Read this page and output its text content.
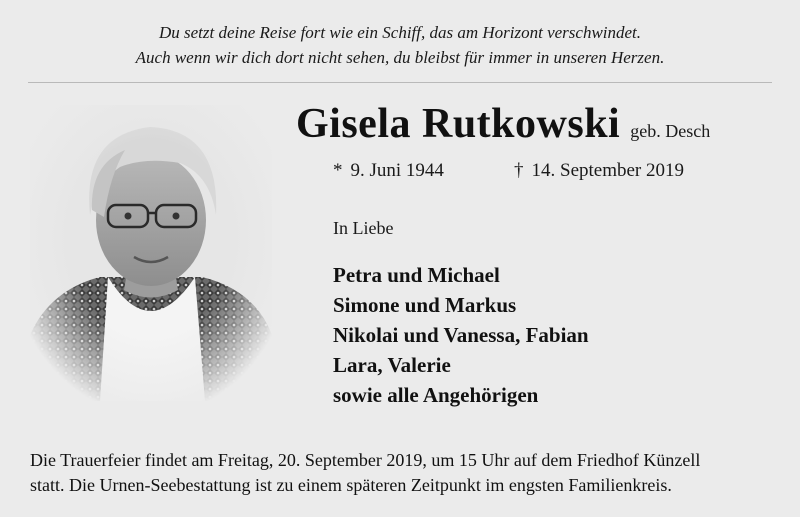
Du setzt deine Reise fort wie ein Schiff, das am Horizont verschwindet.
Auch wenn wir dich dort nicht sehen, du bleibst für immer in unseren Herzen.
Gisela Rutkowski geb. Desch
* 9. Juni 1944	† 14. September 2019
In Liebe
Petra und Michael
Simone und Markus
Nikolai und Vanessa, Fabian
Lara, Valerie
sowie alle Angehörigen
Die Trauerfeier findet am Freitag, 20. September 2019, um 15 Uhr auf dem Friedhof Künzell
statt. Die Urnen-Seebestattung ist zu einem späteren Zeitpunkt im engsten Familienkreis.
